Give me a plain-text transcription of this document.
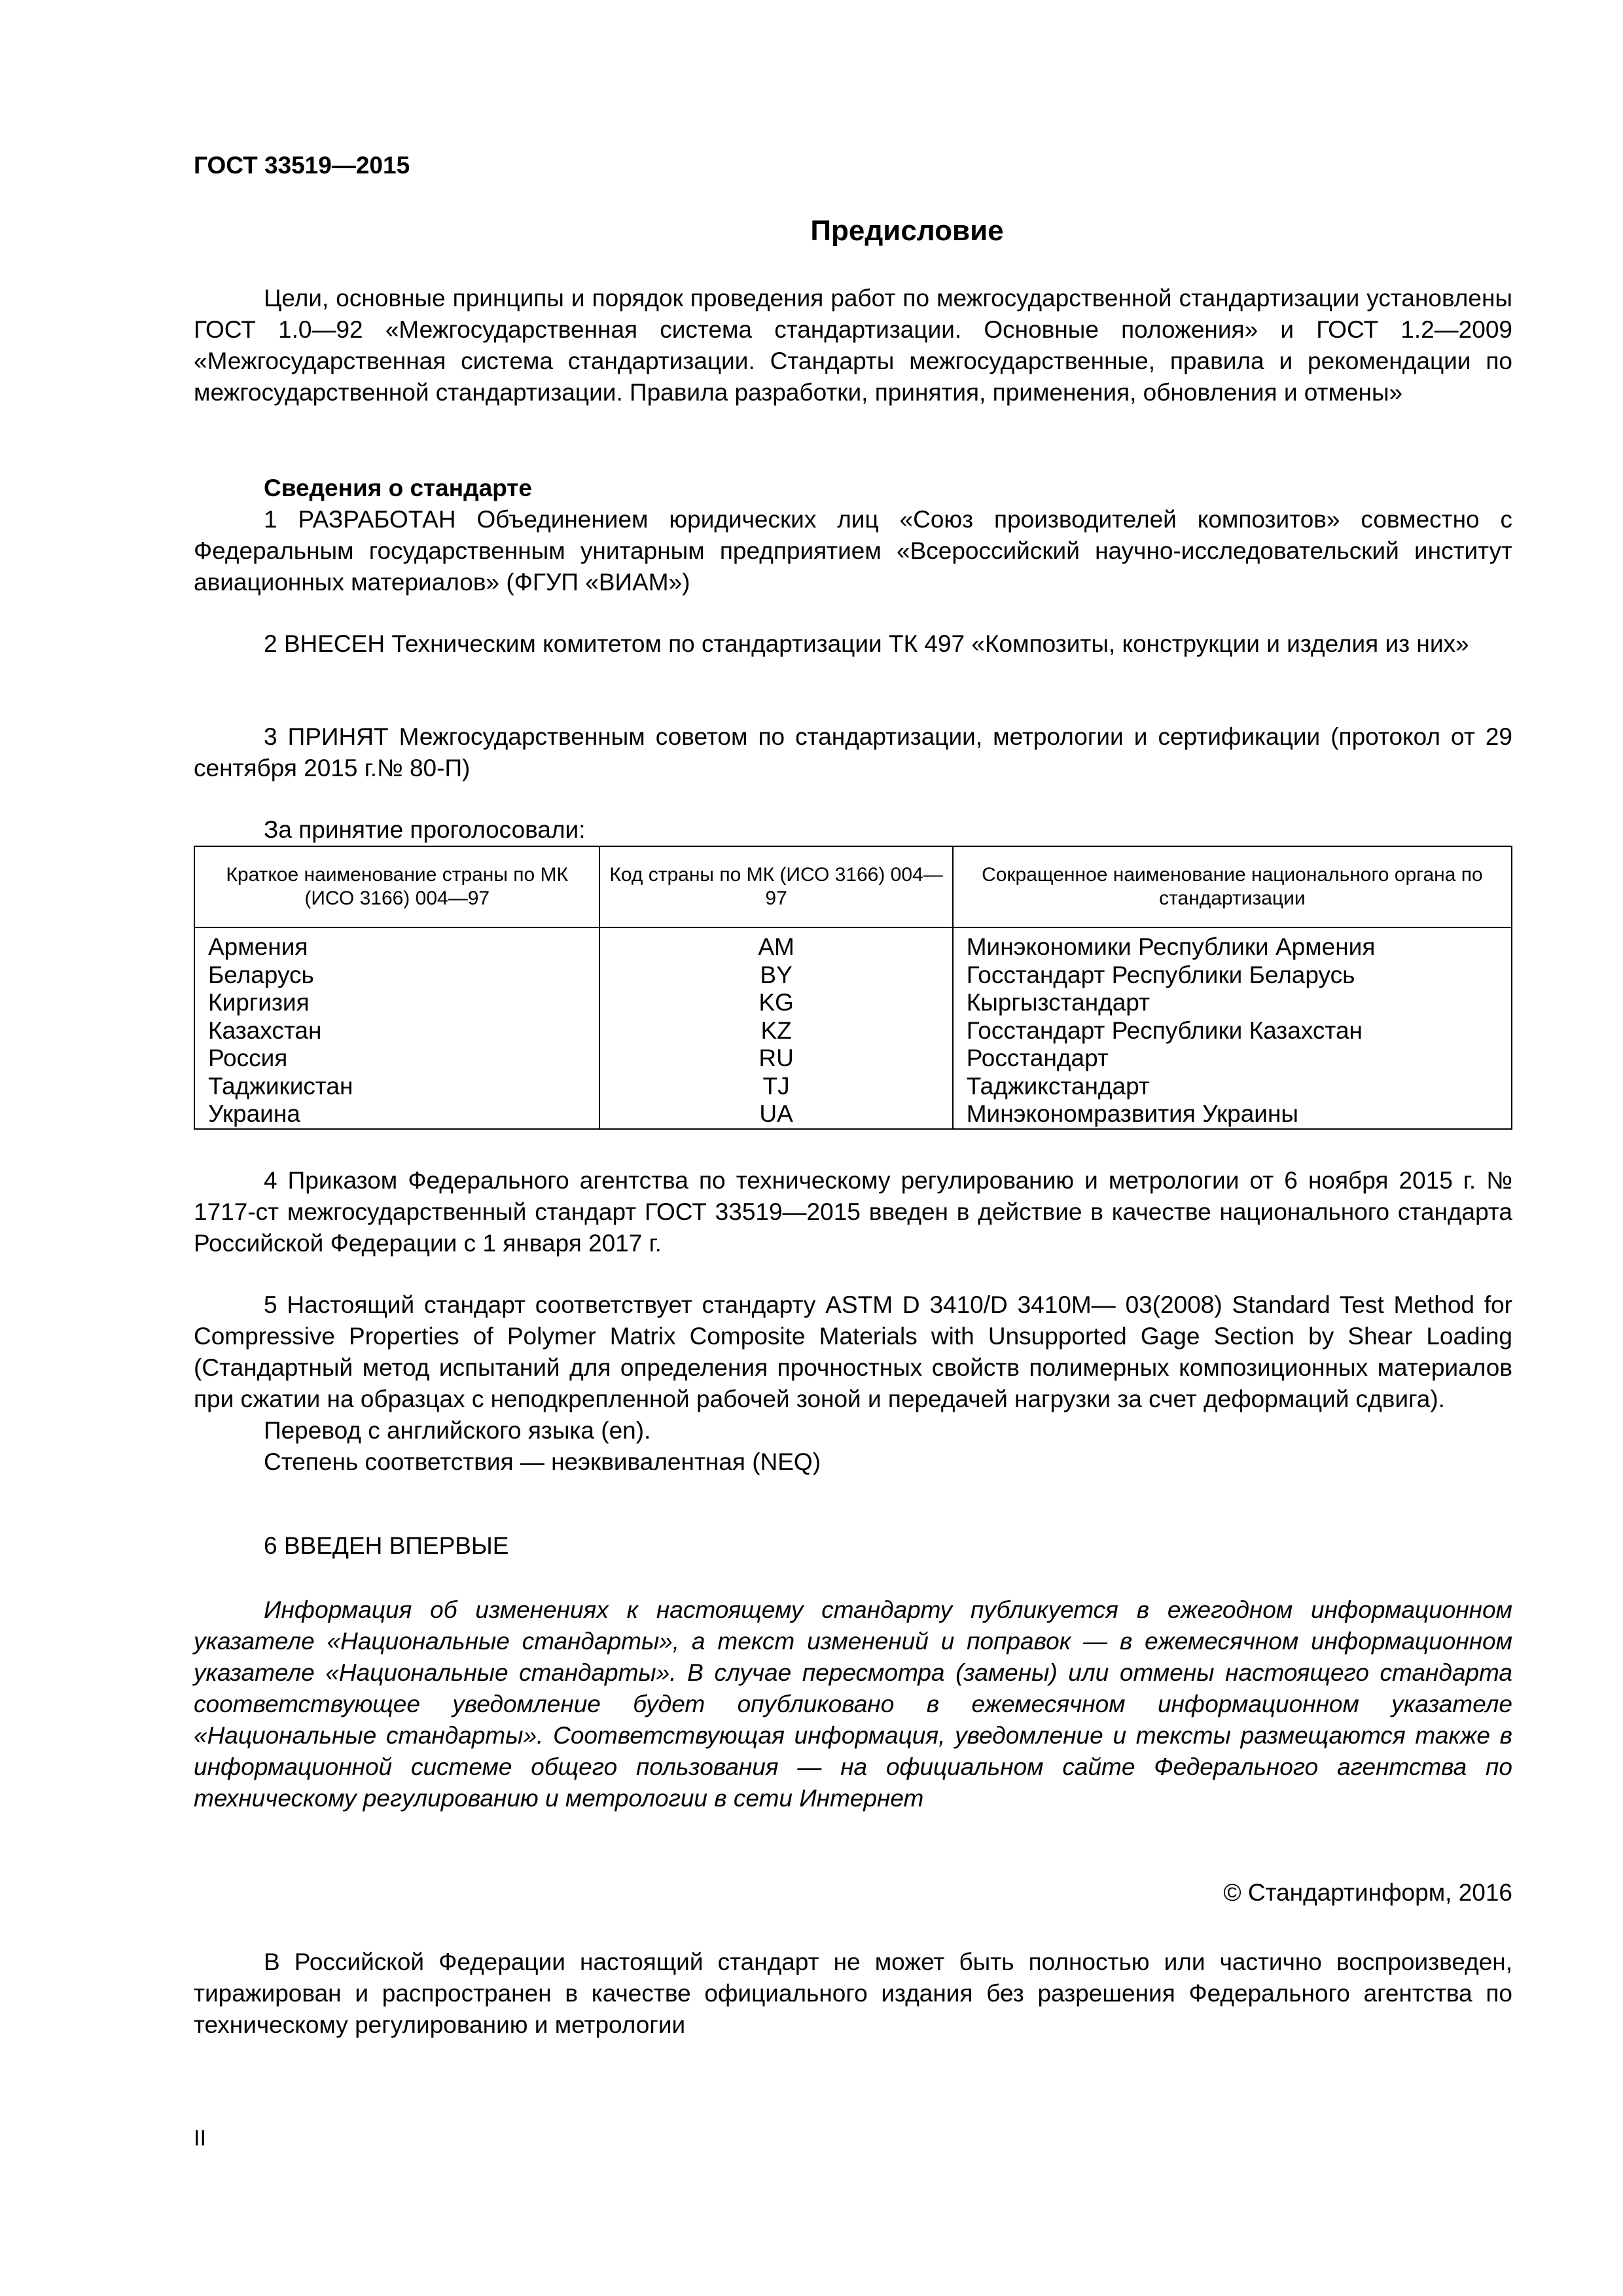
ГОСТ 33519—2015
Предисловие

Цели, основные принципы и порядок проведения работ по межгосударственной стандартизации установлены ГОСТ 1.0—92 «Межгосударственная система стандартизации. Основные положения» и ГОСТ 1.2—2009 «Межгосударственная система стандартизации. Стандарты межгосударственные, правила и рекомендации по межгосударственной стандартизации. Правила разработки, принятия, применения, обновления и отмены»

Сведения о стандарте

1 РАЗРАБОТАН Объединением юридических лиц «Союз производителей композитов» совместно с Федеральным государственным унитарным предприятием «Всероссийский научно-исследовательский институт авиационных материалов» (ФГУП «ВИАМ»)

2 ВНЕСЕН Техническим комитетом по стандартизации ТК 497 «Композиты, конструкции и изделия из них»

3 ПРИНЯТ Межгосударственным советом по стандартизации, метрологии и сертификации (протокол от 29 сентября 2015 г.№ 80-П)

За принятие проголосовали:

Краткое наименование страны по МК (ИСО 3166) 004—97	Код страны по МК (ИСО 3166) 004—97	Сокращенное наименование национального органа по стандартизации
Армения	AM	Минэкономики Республики Армения
Беларусь	BY	Госстандарт Республики Беларусь
Киргизия	KG	Кыргызстандарт
Казахстан	KZ	Госстандарт Республики Казахстан
Россия	RU	Росстандарт
Таджикистан	TJ	Таджикстандарт
Украина	UA	Минэкономразвития Украины

4 Приказом Федерального агентства по техническому регулированию и метрологии от 6 ноября 2015 г. № 1717-ст межгосударственный стандарт ГОСТ 33519—2015 введен в действие в качестве национального стандарта Российской Федерации с 1 января 2017 г.

5 Настоящий стандарт соответствует стандарту ASTM D 3410/D 3410M— 03(2008) Standard Test Method for Compressive Properties of Polymer Matrix Composite Materials with Unsupported Gage Section by Shear Loading (Стандартный метод испытаний для определения прочностных свойств полимерных композиционных материалов при сжатии на образцах с неподкрепленной рабочей зоной и передачей нагрузки за счет деформаций сдвига).

Перевод с английского языка (en).

Степень соответствия — неэквивалентная (NEQ)

6 ВВЕДЕН ВПЕРВЫЕ

Информация об изменениях к настоящему стандарту публикуется в ежегодном информационном указателе «Национальные стандарты», а текст изменений и поправок — в ежемесячном информационном указателе «Национальные стандарты». В случае пересмотра (замены) или отмены настоящего стандарта соответствующее уведомление будет опубликовано в ежемесячном информационном указателе «Национальные стандарты». Соответствующая информация, уведомление и тексты размещаются также в информационной системе общего пользования — на официальном сайте Федерального агентства по техническому регулированию и метрологии в сети Интернет

© Стандартинформ, 2016

В Российской Федерации настоящий стандарт не может быть полностью или частично воспроизведен, тиражирован и распространен в качестве официального издания без разрешения Федерального агентства по техническому регулированию и метрологии

II
